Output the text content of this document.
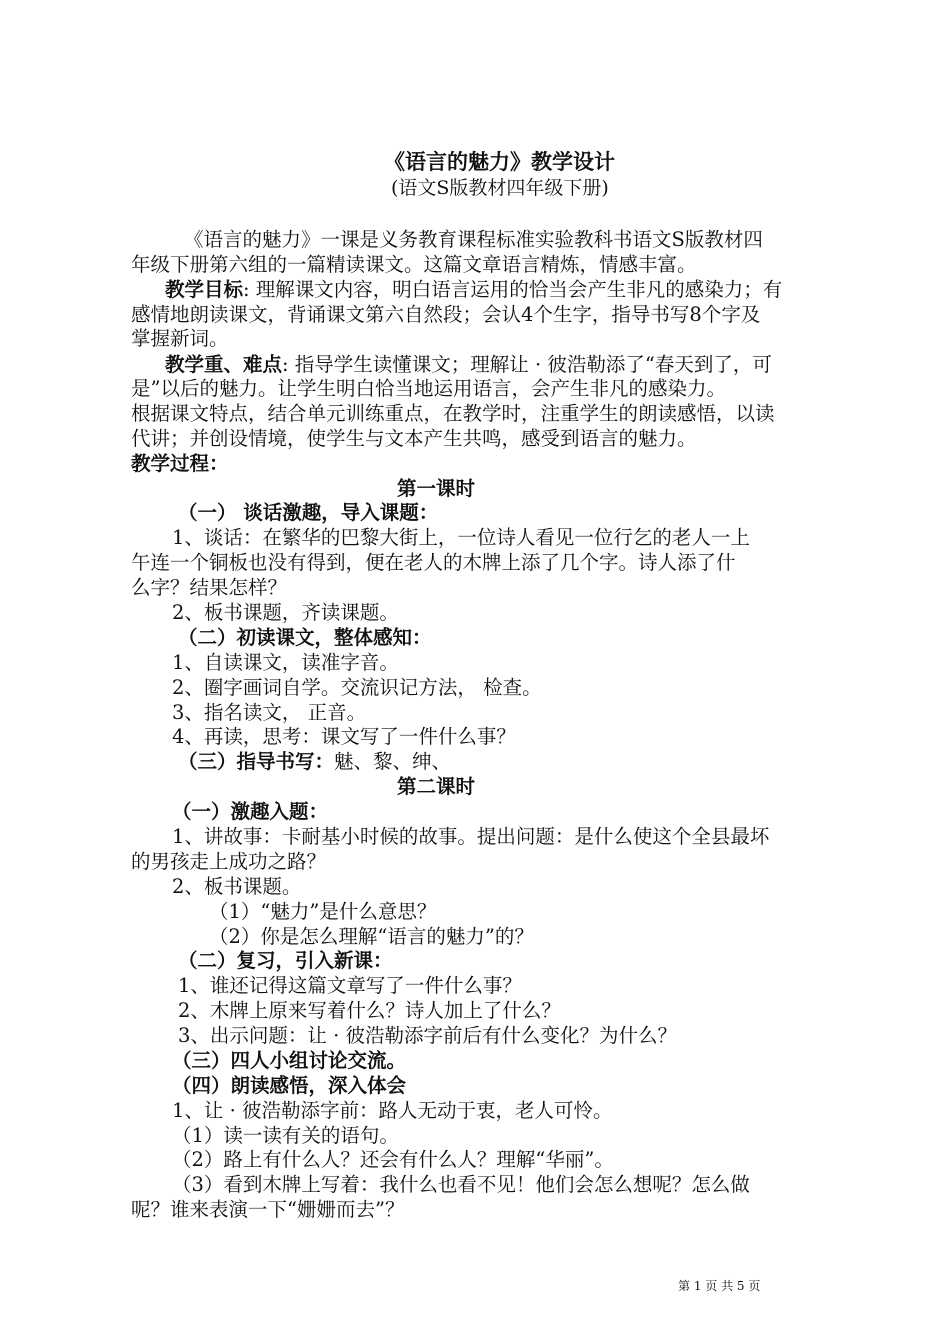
《语言的魅力》教学设计
(语文S版教材四年级下册)
《语言的魅力》一课是义务教育课程标准实验教科书语文S版教材四
年级下册第六组的一篇精读课文。这篇文章语言精炼，情感丰富。
教学目标: 理解课文内容，明白语言运用的恰当会产生非凡的感染力；有
感情地朗读课文，背诵课文第六自然段；会认4个生字，指导书写8个字及
掌握新词。
教学重、难点: 指导学生读懂课文；理解让 · 彼浩勒添了“春天到了，可
是”以后的魅力。让学生明白恰当地运用语言，会产生非凡的感染力。
根据课文特点，结合单元训练重点，在教学时，注重学生的朗读感悟，以读
代讲；并创设情境，使学生与文本产生共鸣，感受到语言的魅力。
教学过程：
第一课时
（一） 谈话激趣，导入课题：
1、谈话：在繁华的巴黎大街上，一位诗人看见一位行乞的老人一上
午连一个铜板也没有得到，便在老人的木牌上添了几个字。诗人添了什
么字？结果怎样？
2、板书课题，齐读课题。
（二）初读课文，整体感知：
1、自读课文，读准字音。
2、圈字画词自学。交流识记方法， 检查。
3、指名读文， 正音。
4、再读，思考：课文写了一件什么事？
（三）指导书写：魅、黎、绅、
第二课时
（一）激趣入题：
1、讲故事：卡耐基小时候的故事。提出问题：是什么使这个全县最坏
的男孩走上成功之路？
2、板书课题。
（1）“魅力”是什么意思？
（2）你是怎么理解“语言的魅力”的？
（二）复习，引入新课：
1、谁还记得这篇文章写了一件什么事？
2、木牌上原来写着什么？诗人加上了什么？
3、出示问题：让 · 彼浩勒添字前后有什么变化？为什么？
（三）四人小组讨论交流。
（四）朗读感悟，深入体会
1、让 · 彼浩勒添字前：路人无动于衷，老人可怜。
（1）读一读有关的语句。
（2）路上有什么人？还会有什么人？理解“华丽”。
（3）看到木牌上写着：我什么也看不见！他们会怎么想呢？怎么做
呢？谁来表演一下“姗姗而去”？
第 1 页 共 5 页
